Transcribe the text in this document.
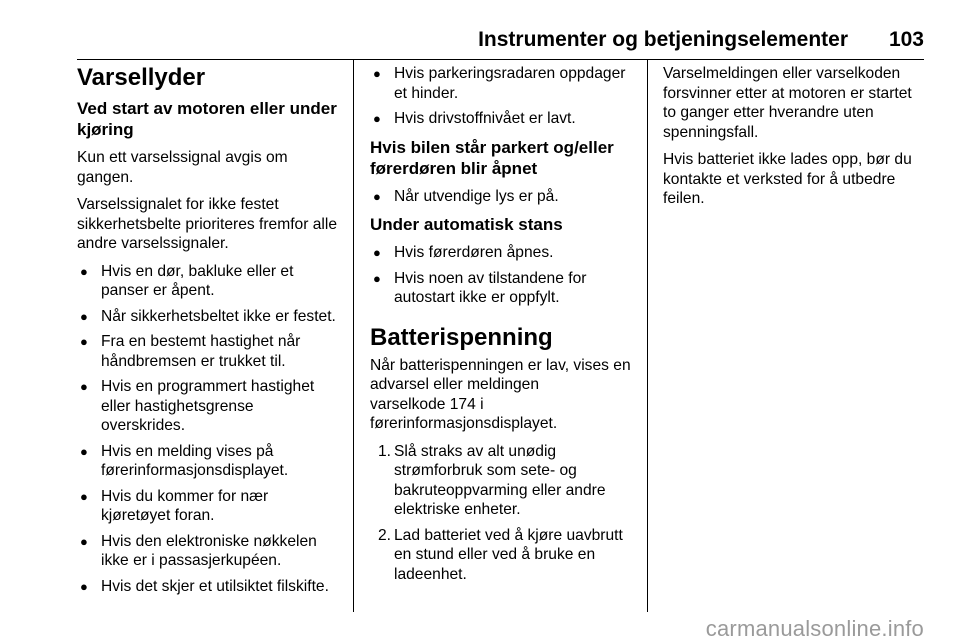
Instrumenter og betjeningselementer 103
Varsellyder
Ved start av motoren eller under kjøring

Kun ett varselssignal avgis om gangen.

Varselssignalet for ikke festet sikkerhetsbelte prioriteres fremfor alle andre varselssignaler.

● Hvis en dør, bakluke eller et panser er åpent.
● Når sikkerhetsbeltet ikke er festet.
● Fra en bestemt hastighet når håndbremsen er trukket til.
● Hvis en programmert hastighet eller hastighetsgrense overskrides.
● Hvis en melding vises på førerinformasjonsdisplayet.
● Hvis du kommer for nær kjøretøyet foran.
● Hvis den elektroniske nøkkelen ikke er i passasjerkupéen.
● Hvis det skjer et utilsiktet filskifte.
● Hvis parkeringsradaren oppdager et hinder.
● Hvis drivstoffnivået er lavt.
Hvis bilen står parkert og/eller førerdøren blir åpnet
● Når utvendige lys er på.
Under automatisk stans
● Hvis førerdøren åpnes.
● Hvis noen av tilstandene for autostart ikke er oppfylt.
Batterispenning

Når batterispenningen er lav, vises en advarsel eller meldingen

varselkode 174 i førerinformasjonsdisplayet.

1. Slå straks av alt unødig strømforbruk som sete- og bakruteoppvarming eller andre elektriske enheter.
2. Lad batteriet ved å kjøre uavbrutt en stund eller ved å bruke en ladeenhet.

Varselmeldingen eller varselkoden forsvinner etter at motoren er startet to ganger etter hverandre uten spenningsfall.

Hvis batteriet ikke lades opp, bør du kontakte et verksted for å utbedre feilen.

carmanualsonline.info
